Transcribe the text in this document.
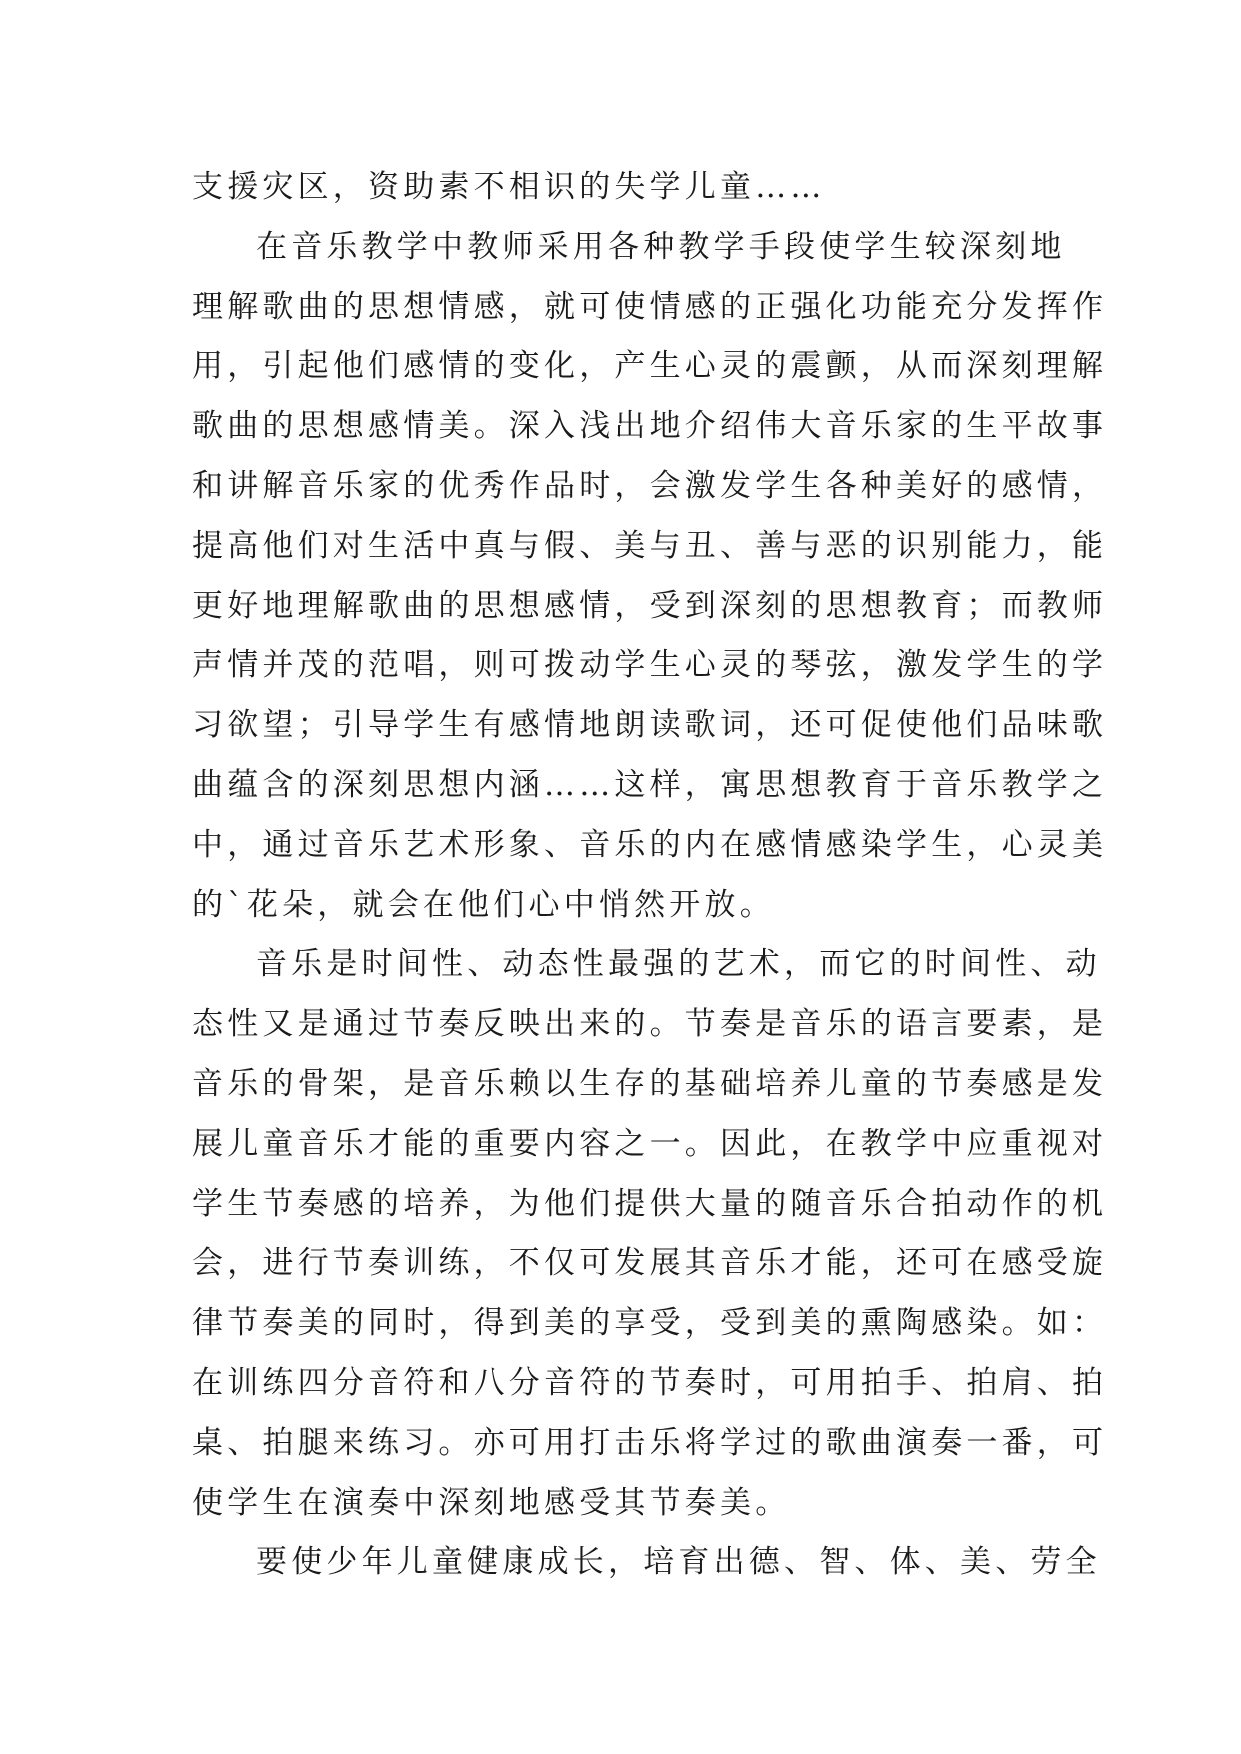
支援灾区，资助素不相识的失学儿童……
在音乐教学中教师采用各种教学手段使学生较深刻地
理解歌曲的思想情感，就可使情感的正强化功能充分发挥作
用，引起他们感情的变化，产生心灵的震颤，从而深刻理解
歌曲的思想感情美。深入浅出地介绍伟大音乐家的生平故事
和讲解音乐家的优秀作品时，会激发学生各种美好的感情，
提高他们对生活中真与假、美与丑、善与恶的识别能力，能
更好地理解歌曲的思想感情，受到深刻的思想教育；而教师
声情并茂的范唱，则可拨动学生心灵的琴弦，激发学生的学
习欲望；引导学生有感情地朗读歌词，还可促使他们品味歌
曲蕴含的深刻思想内涵……这样，寓思想教育于音乐教学之
中，通过音乐艺术形象、音乐的内在感情感染学生，心灵美
的`花朵，就会在他们心中悄然开放。
音乐是时间性、动态性最强的艺术，而它的时间性、动
态性又是通过节奏反映出来的。节奏是音乐的语言要素，是
音乐的骨架，是音乐赖以生存的基础培养儿童的节奏感是发
展儿童音乐才能的重要内容之一。因此，在教学中应重视对
学生节奏感的培养，为他们提供大量的随音乐合拍动作的机
会，进行节奏训练，不仅可发展其音乐才能，还可在感受旋
律节奏美的同时，得到美的享受，受到美的熏陶感染。如：
在训练四分音符和八分音符的节奏时，可用拍手、拍肩、拍
桌、拍腿来练习。亦可用打击乐将学过的歌曲演奏一番，可
使学生在演奏中深刻地感受其节奏美。
要使少年儿童健康成长，培育出德、智、体、美、劳全
